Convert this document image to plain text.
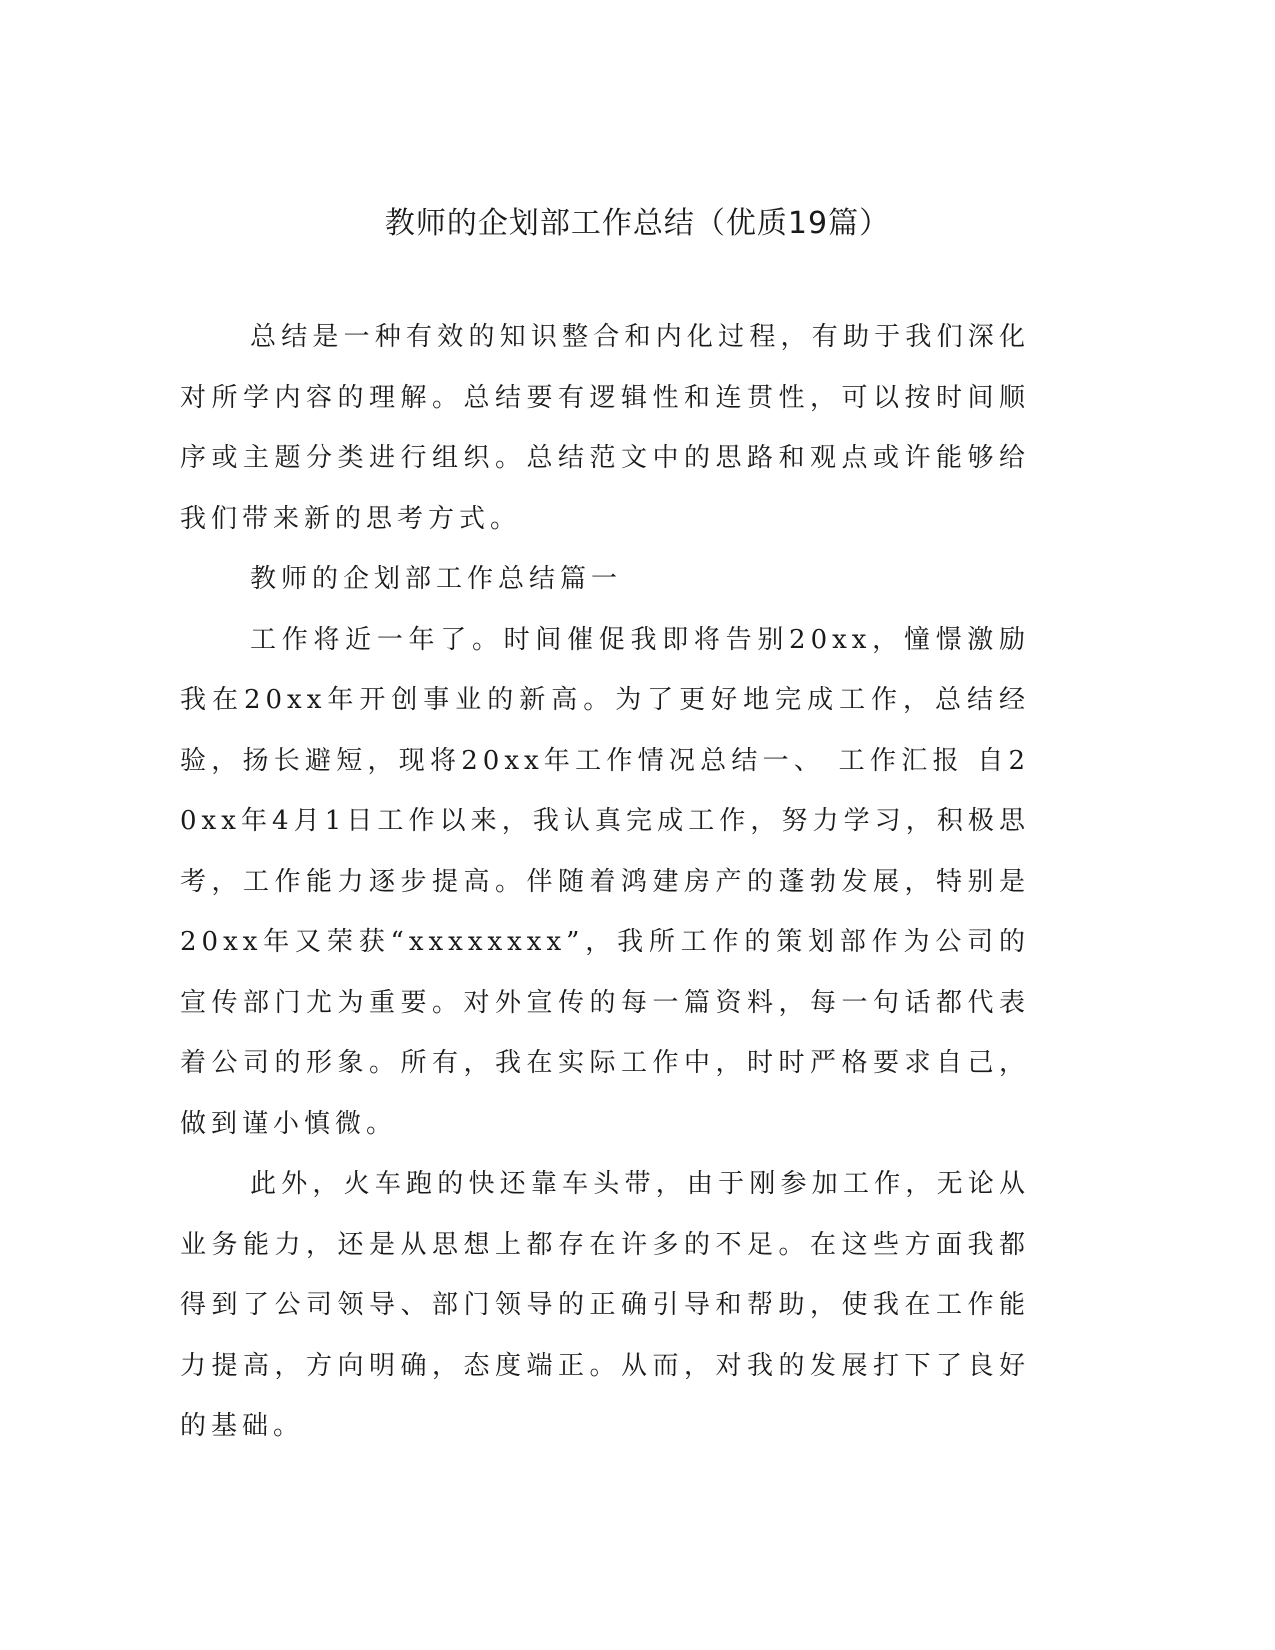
教师的企划部工作总结（优质19篇）

总结是一种有效的知识整合和内化过程，有助于我们深化对所学内容的理解。总结要有逻辑性和连贯性，可以按时间顺序或主题分类进行组织。总结范文中的思路和观点或许能够给我们带来新的思考方式。

教师的企划部工作总结篇一

工作将近一年了。时间催促我即将告别20xx，憧憬激励我在20xx年开创事业的新高。为了更好地完成工作，总结经验，扬长避短，现将20xx年工作情况总结一、 工作汇报 自20xx年4月1日工作以来，我认真完成工作，努力学习，积极思考，工作能力逐步提高。伴随着鸿建房产的蓬勃发展，特别是20xx年又荣获“xxxxxxxx”，我所工作的策划部作为公司的宣传部门尤为重要。对外宣传的每一篇资料，每一句话都代表着公司的形象。所有，我在实际工作中，时时严格要求自己，做到谨小慎微。

此外，火车跑的快还靠车头带，由于刚参加工作，无论从业务能力，还是从思想上都存在许多的不足。在这些方面我都得到了公司领导、部门领导的正确引导和帮助，使我在工作能力提高，方向明确，态度端正。从而，对我的发展打下了良好的基础。
